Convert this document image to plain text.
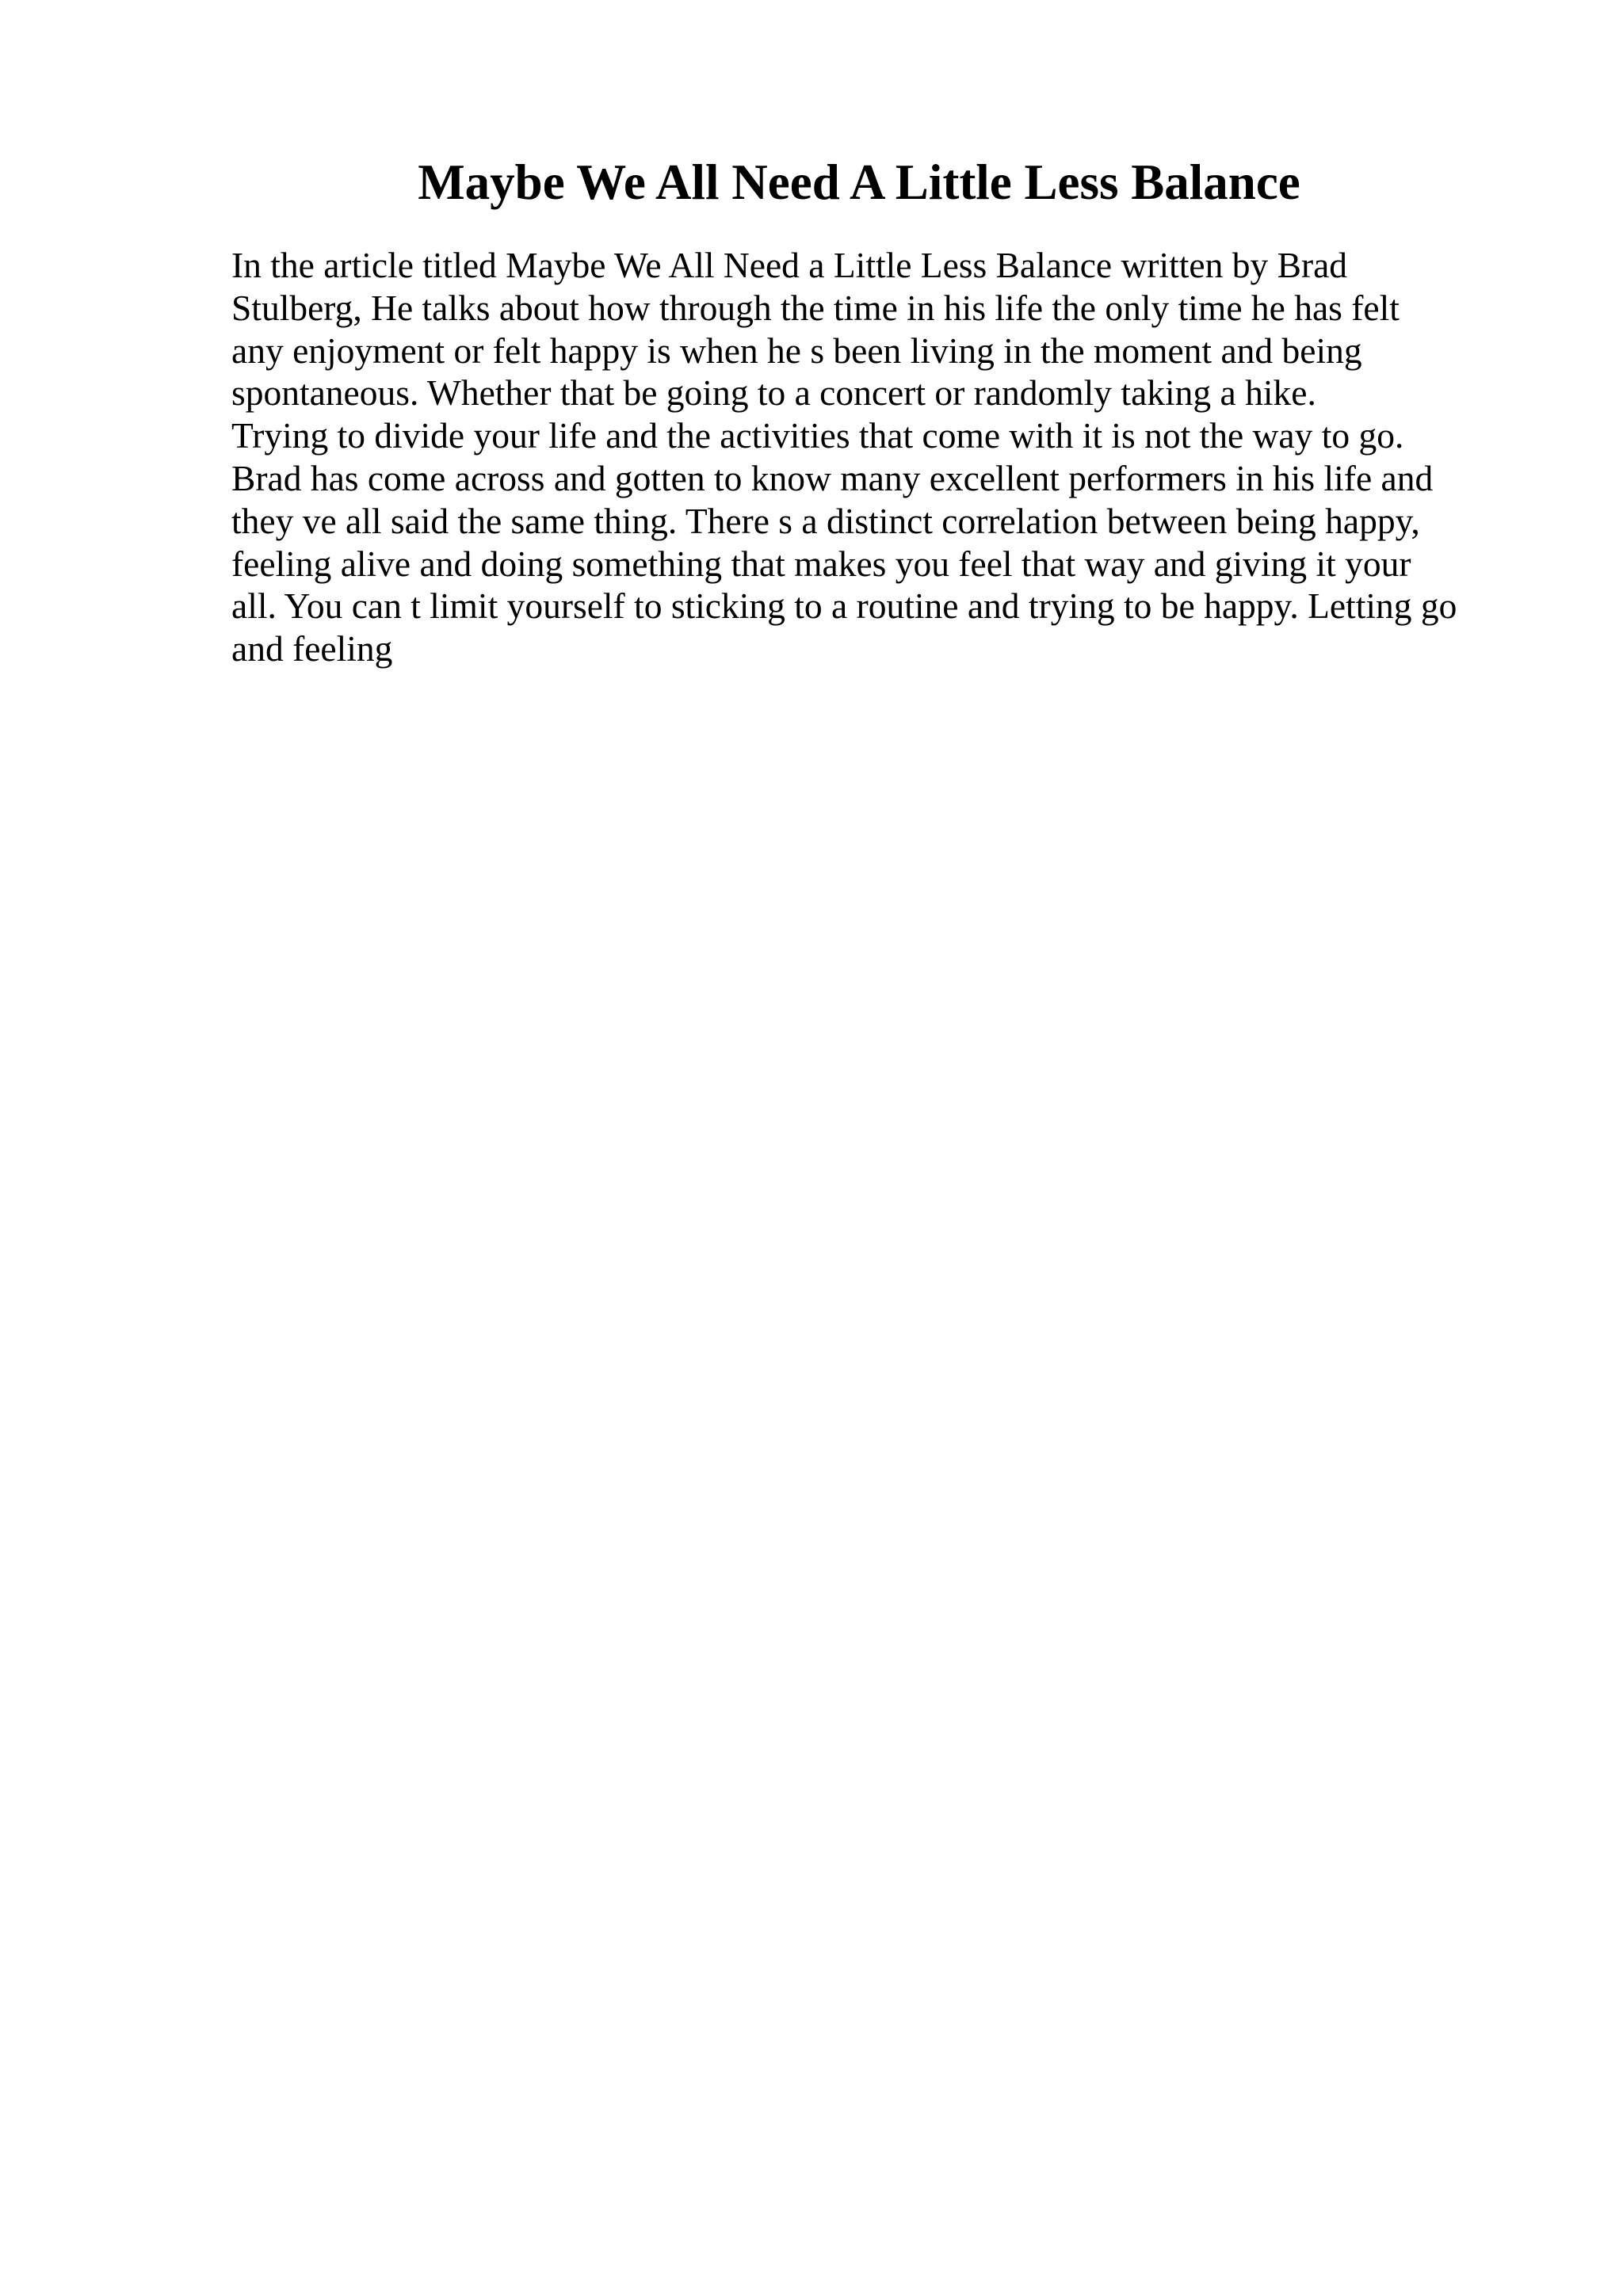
Maybe We All Need A Little Less Balance
In the article titled Maybe We All Need a Little Less Balance written by Brad
Stulberg, He talks about how through the time in his life the only time he has felt
any enjoyment or felt happy is when he s been living in the moment and being
spontaneous. Whether that be going to a concert or randomly taking a hike.
Trying to divide your life and the activities that come with it is not the way to go.
Brad has come across and gotten to know many excellent performers in his life and
they ve all said the same thing. There s a distinct correlation between being happy,
feeling alive and doing something that makes you feel that way and giving it your
all. You can t limit yourself to sticking to a routine and trying to be happy. Letting go
and feeling
